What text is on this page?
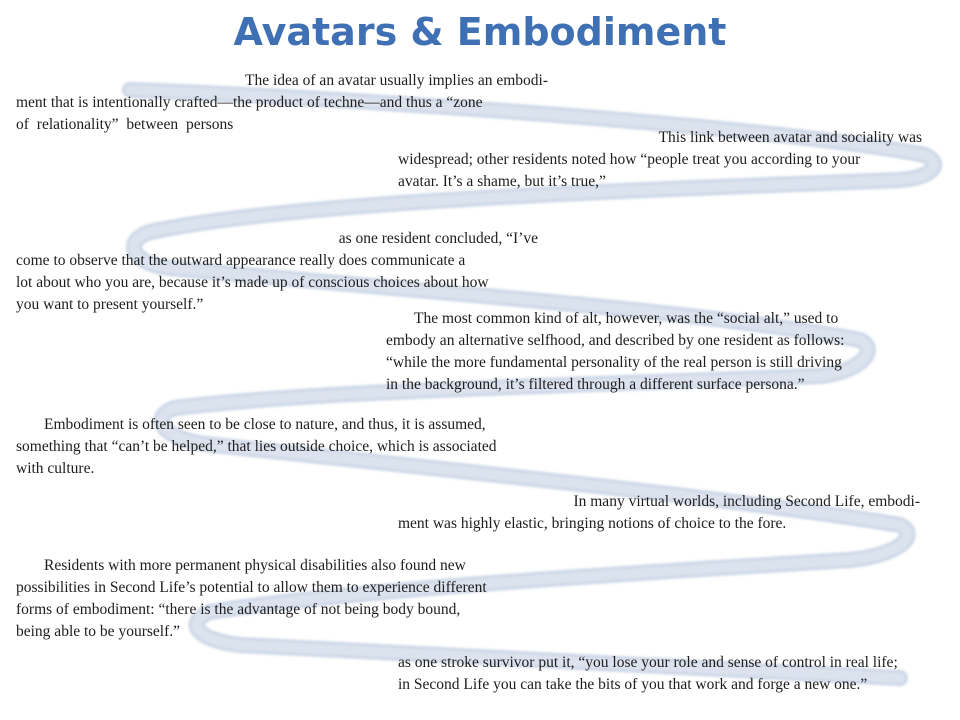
Avatars & Embodiment

The idea of an avatar usually implies an embodi-

ment that is intentionally crafted—the product of techne—and thus a “zone

of relationality” between persons

This link between avatar and sociality was

widespread; other residents noted how “people treat you according to your

avatar. It’s a shame, but it’s true,”

as one resident concluded, “I’ve

come to observe that the outward appearance really does communicate a

lot about who you are, because it’s made up of conscious choices about how

you want to present yourself.”

The most common kind of alt, however, was the “social alt,” used to

embody an alternative selfhood, and described by one resident as follows:

“while the more fundamental personality of the real person is still driving

in the background, it’s filtered through a different surface persona.”

Embodiment is often seen to be close to nature, and thus, it is assumed,

something that “can’t be helped,” that lies outside choice, which is associated

with culture.

In many virtual worlds, including Second Life, embodi-

ment was highly elastic, bringing notions of choice to the fore.

Residents with more permanent physical disabilities also found new

possibilities in Second Life’s potential to allow them to experience different

forms of embodiment: “there is the advantage of not being body bound,

being able to be yourself.”

as one stroke survivor put it, “you lose your role and sense of control in real life;

in Second Life you can take the bits of you that work and forge a new one.”
